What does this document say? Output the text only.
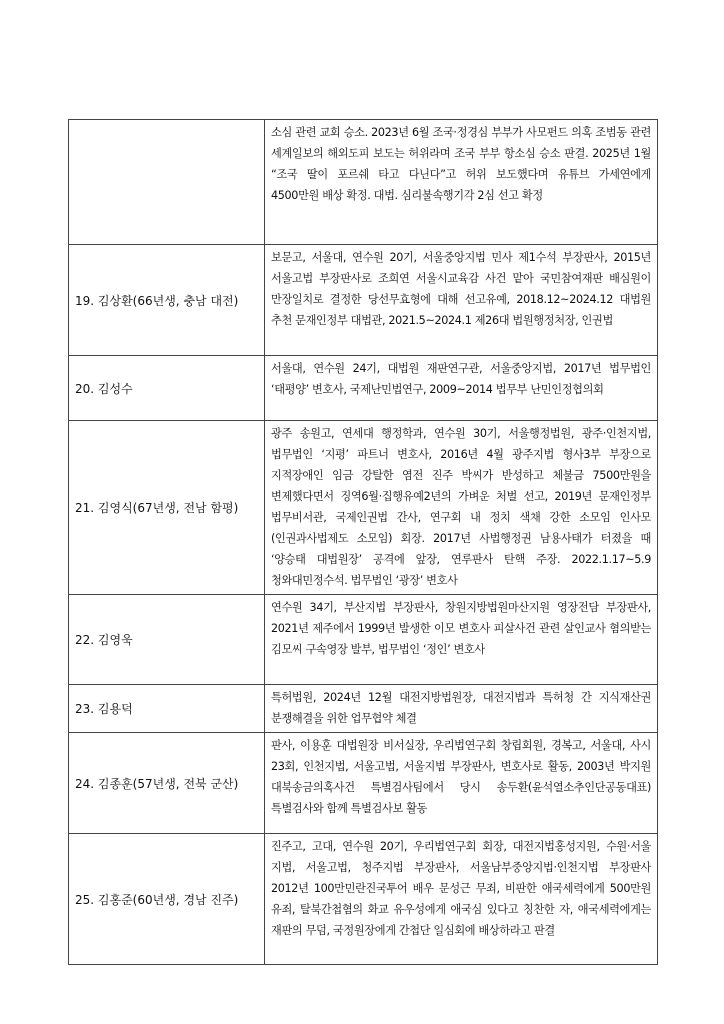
	소심 관련 교회 승소. 2023년 6월 조국·정경심 부부가 사모펀드 의혹 조범동 관련 세계일보의 해외도피 보도는 허위라며 조국 부부 항소심 승소 판결. 2025년 1월 “조국 딸이 포르쉐 타고 다닌다”고 허위 보도했다며 유튜브 가세연에게 4500만원 배상 확정. 대법. 심리불속행기각 2심 선고 확정
19. 김상환(66년생, 충남 대전)	보문고, 서울대, 연수원 20기, 서울중앙지법 민사 제1수석 부장판사, 2015년 서울고법 부장판사로 조희연 서울시교육감 사건 맡아 국민참여재판 배심원이 만장일치로 결정한 당선무효형에 대해 선고유예, 2018.12~2024.12 대법원 추천 문재인정부 대법관, 2021.5~2024.1 제26대 법원행정처장, 인권법
20. 김성수	서울대, 연수원 24기, 대법원 재판연구관, 서울중앙지법, 2017년 법무법인 ‘태평양’ 변호사, 국제난민법연구, 2009~2014 법무부 난민인정협의회
21. 김영식(67년생, 전남 함평)	광주 송원고, 연세대 행정학과, 연수원 30기, 서울행정법원, 광주·인천지법, 법무법인 ‘지평’ 파트너 변호사, 2016년 4월 광주지법 형사3부 부장으로 지적장애인 임금 강탈한 염전 진주 박씨가 반성하고 체불금 7500만원을 변제했다면서 징역6월·집행유예2년의 가벼운 처벌 선고, 2019년 문재인정부 법무비서관, 국제인권법 간사, 연구회 내 정치 색채 강한 소모임 인사모(인권과사법제도 소모임) 회장. 2017년 사법행정권 남용사태가 터졌을 때 ‘양승태 대법원장’ 공격에 앞장, 연루판사 탄핵 주장. 2022.1.17~5.9 청와대민정수석. 법무법인 ‘광장’ 변호사
22. 김영욱	연수원 34기, 부산지법 부장판사, 창원지방법원마산지원 영장전담 부장판사, 2021년 제주에서 1999년 발생한 이모 변호사 피살사건 관련 살인교사 혐의받는 김모씨 구속영장 발부, 법무법인 ‘정인’ 변호사
23. 김용덕	특허법원, 2024년 12월 대전지방법원장, 대전지법과 특허청 간 지식재산권 분쟁해결을 위한 업무협약 체결
24. 김종훈(57년생, 전북 군산)	판사, 이용훈 대법원장 비서실장, 우리법연구회 창립회원, 경복고, 서울대, 사시 23회, 인천지법, 서울고법, 서울지법 부장판사, 변호사로 활동, 2003년 박지원 대북송금의혹사건 특별검사팀에서 당시 송두환(윤석열소추인단공동대표) 특별검사와 함께 특별검사보 활동
25. 김홍준(60년생, 경남 진주)	진주고, 고대, 연수원 20기, 우리법연구회 회장, 대전지법홍성지원, 수원·서울 지법, 서울고법, 청주지법 부장판사, 서울남부중앙지법·인천지법 부장판사 2012년 100만민란진국투어 배우 문성근 무죄, 비판한 애국세력에게 500만원 유죄, 탈북간첩혐의 화교 유우성에게 애국심 있다고 칭찬한 자, 애국세력에게는 재판의 무덤, 국정원장에게 간첩단 일심회에 배상하라고 판결
